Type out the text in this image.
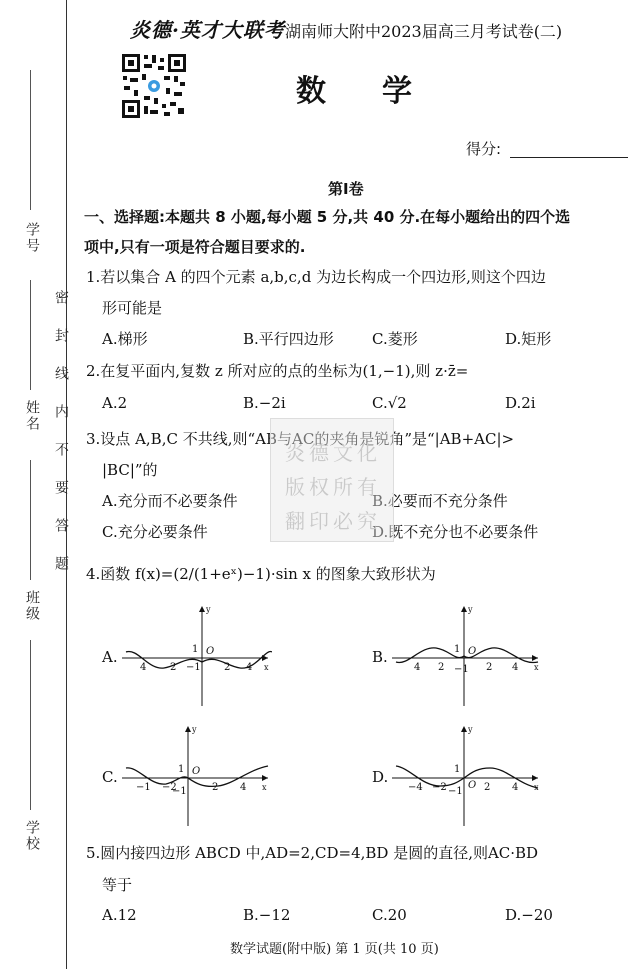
学号
姓名
班级
学校
密封线内不要答题
炎德·英才大联考湖南师大附中2023届高三月考试卷(二)
数学
得分:
第Ⅰ卷
一、选择题:本题共 8 小题,每小题 5 分,共 40 分.在每小题给出的四个选
项中,只有一项是符合题目要求的.
1.若以集合 A 的四个元素 a,b,c,d 为边长构成一个四边形,则这个四边
形可能是
A.梯形	B.平行四边形	C.菱形	D.矩形
2.在复平面内,复数 z 所对应的点的坐标为(1,−1),则 z·z̄=
A.2	B.−2i	C.√2	D.2i
3.设点 A,B,C 不共线,则“AB与AC的夹角是锐角”是“|AB+AC|>
|BC|”的
A.充分而不必要条件	B.必要而不充分条件
C.充分必要条件	D.既不充分也不必要条件
炎德文化
版权所有
翻印必究
4.函数 f(x)=(2/(1+eˣ)−1)·sin x 的图象大致形状为
A.	B.
C.	D.
y
x
4 2
1 O
−1 2 4
y
x
4 2
1 O
−1 2 4
y
x
−1 −2
1 O
−1	2 4
y
x
−4 −2
1
O
−1 2 4
5.圆内接四边形 ABCD 中,AD=2,CD=4,BD 是圆的直径,则AC·BD
等于
A.12	B.−12	C.20	D.−20
数学试题(附中版) 第 1 页(共 10 页)
